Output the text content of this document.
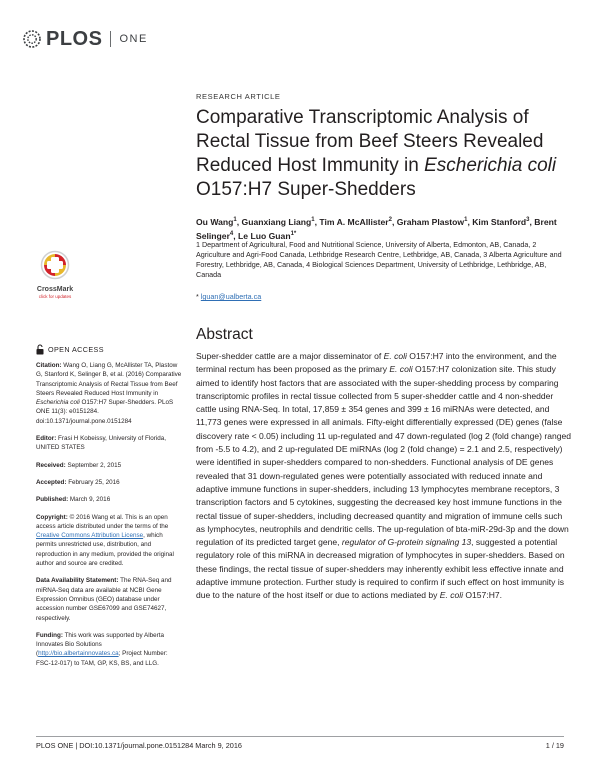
PLOS ONE
RESEARCH ARTICLE
Comparative Transcriptomic Analysis of Rectal Tissue from Beef Steers Revealed Reduced Host Immunity in Escherichia coli O157:H7 Super-Shedders
Ou Wang$^1$, Guanxiang Liang$^1$, Tim A. McAllister$^2$, Graham Plastow$^1$, Kim Stanford$^3$, Brent Selinger$^4$, Le Luo Guan$^{1*}$
1 Department of Agricultural, Food and Nutritional Science, University of Alberta, Edmonton, AB, Canada, 2 Agriculture and Agri-Food Canada, Lethbridge Research Centre, Lethbridge, AB, Canada, 3 Alberta Agriculture and Forestry, Lethbridge, AB, Canada, 4 Biological Sciences Department, University of Lethbridge, Lethbridge, AB, Canada
* lguan@ualberta.ca
CrossMark
click for updates
OPEN ACCESS
Citation: Wang O, Liang G, McAllister TA, Plastow G, Stanford K, Selinger B, et al. (2016) Comparative Transcriptomic Analysis of Rectal Tissue from Beef Steers Revealed Reduced Host Immunity in Escherichia coli O157:H7 Super-Shedders. PLoS ONE 11(3): e0151284. doi:10.1371/journal.pone.0151284
Editor: Frasi H Kobeissy, University of Florida, UNITED STATES
Received: September 2, 2015
Accepted: February 25, 2016
Published: March 9, 2016
Copyright: © 2016 Wang et al. This is an open access article distributed under the terms of the Creative Commons Attribution License, which permits unrestricted use, distribution, and reproduction in any medium, provided the original author and source are credited.
Data Availability Statement: The RNA-Seq and miRNA-Seq data are available at NCBI Gene Expression Omnibus (GEO) database under accession number GSE67099 and GSE74627, respectively.
Funding: This work was supported by Alberta Innovates Bio Solutions (http://bio.albertainnovates.ca; Project Number: FSC-12-017) to TAM, GP, KS, BS, and LLG.
Abstract

Super-shedder cattle are a major disseminator of E. coli O157:H7 into the environment, and the terminal rectum has been proposed as the primary E. coli O157:H7 colonization site. This study aimed to identify host factors that are associated with the super-shedding process by comparing transcriptomic profiles in rectal tissue collected from 5 super-shedder cattle and 4 non-shedder cattle using RNA-Seq. In total, 17,859 ± 354 genes and 399 ± 16 miRNAs were detected, and 11,773 genes were expressed in all animals. Fifty-eight differentially expressed (DE) genes (false discovery rate < 0.05) including 11 up-regulated and 47 down-regulated (log 2 (fold change) ranged from -5.5 to 4.2), and 2 up-regulated DE miRNAs (log 2 (fold change) = 2.1 and 2.5, respectively) were identified in super-shedders compared to non-shedders. Functional analysis of DE genes revealed that 31 down-regulated genes were potentially associated with reduced innate and adaptive immune functions in super-shedders, including 13 lymphocytes membrane receptors, 3 transcription factors and 5 cytokines, suggesting the decreased key host immune functions in the rectal tissue of super-shedders, including decreased quantity and migration of immune cells such as lymphocytes, neutrophils and dendritic cells. The up-regulation of bta-miR-29d-3p and the down regulation of its predicted target gene, regulator of G-protein signaling 13, suggested a potential regulatory role of this miRNA in decreased migration of lymphocytes in super-shedders. Based on these findings, the rectal tissue of super-shedders may inherently exhibit less effective innate and adaptive immune protection. Further study is required to confirm if such effect on host immunity is due to the nature of the host itself or due to actions mediated by E. coli O157:H7.

PLOS ONE | DOI:10.1371/journal.pone.0151284 March 9, 2016	1 / 19
